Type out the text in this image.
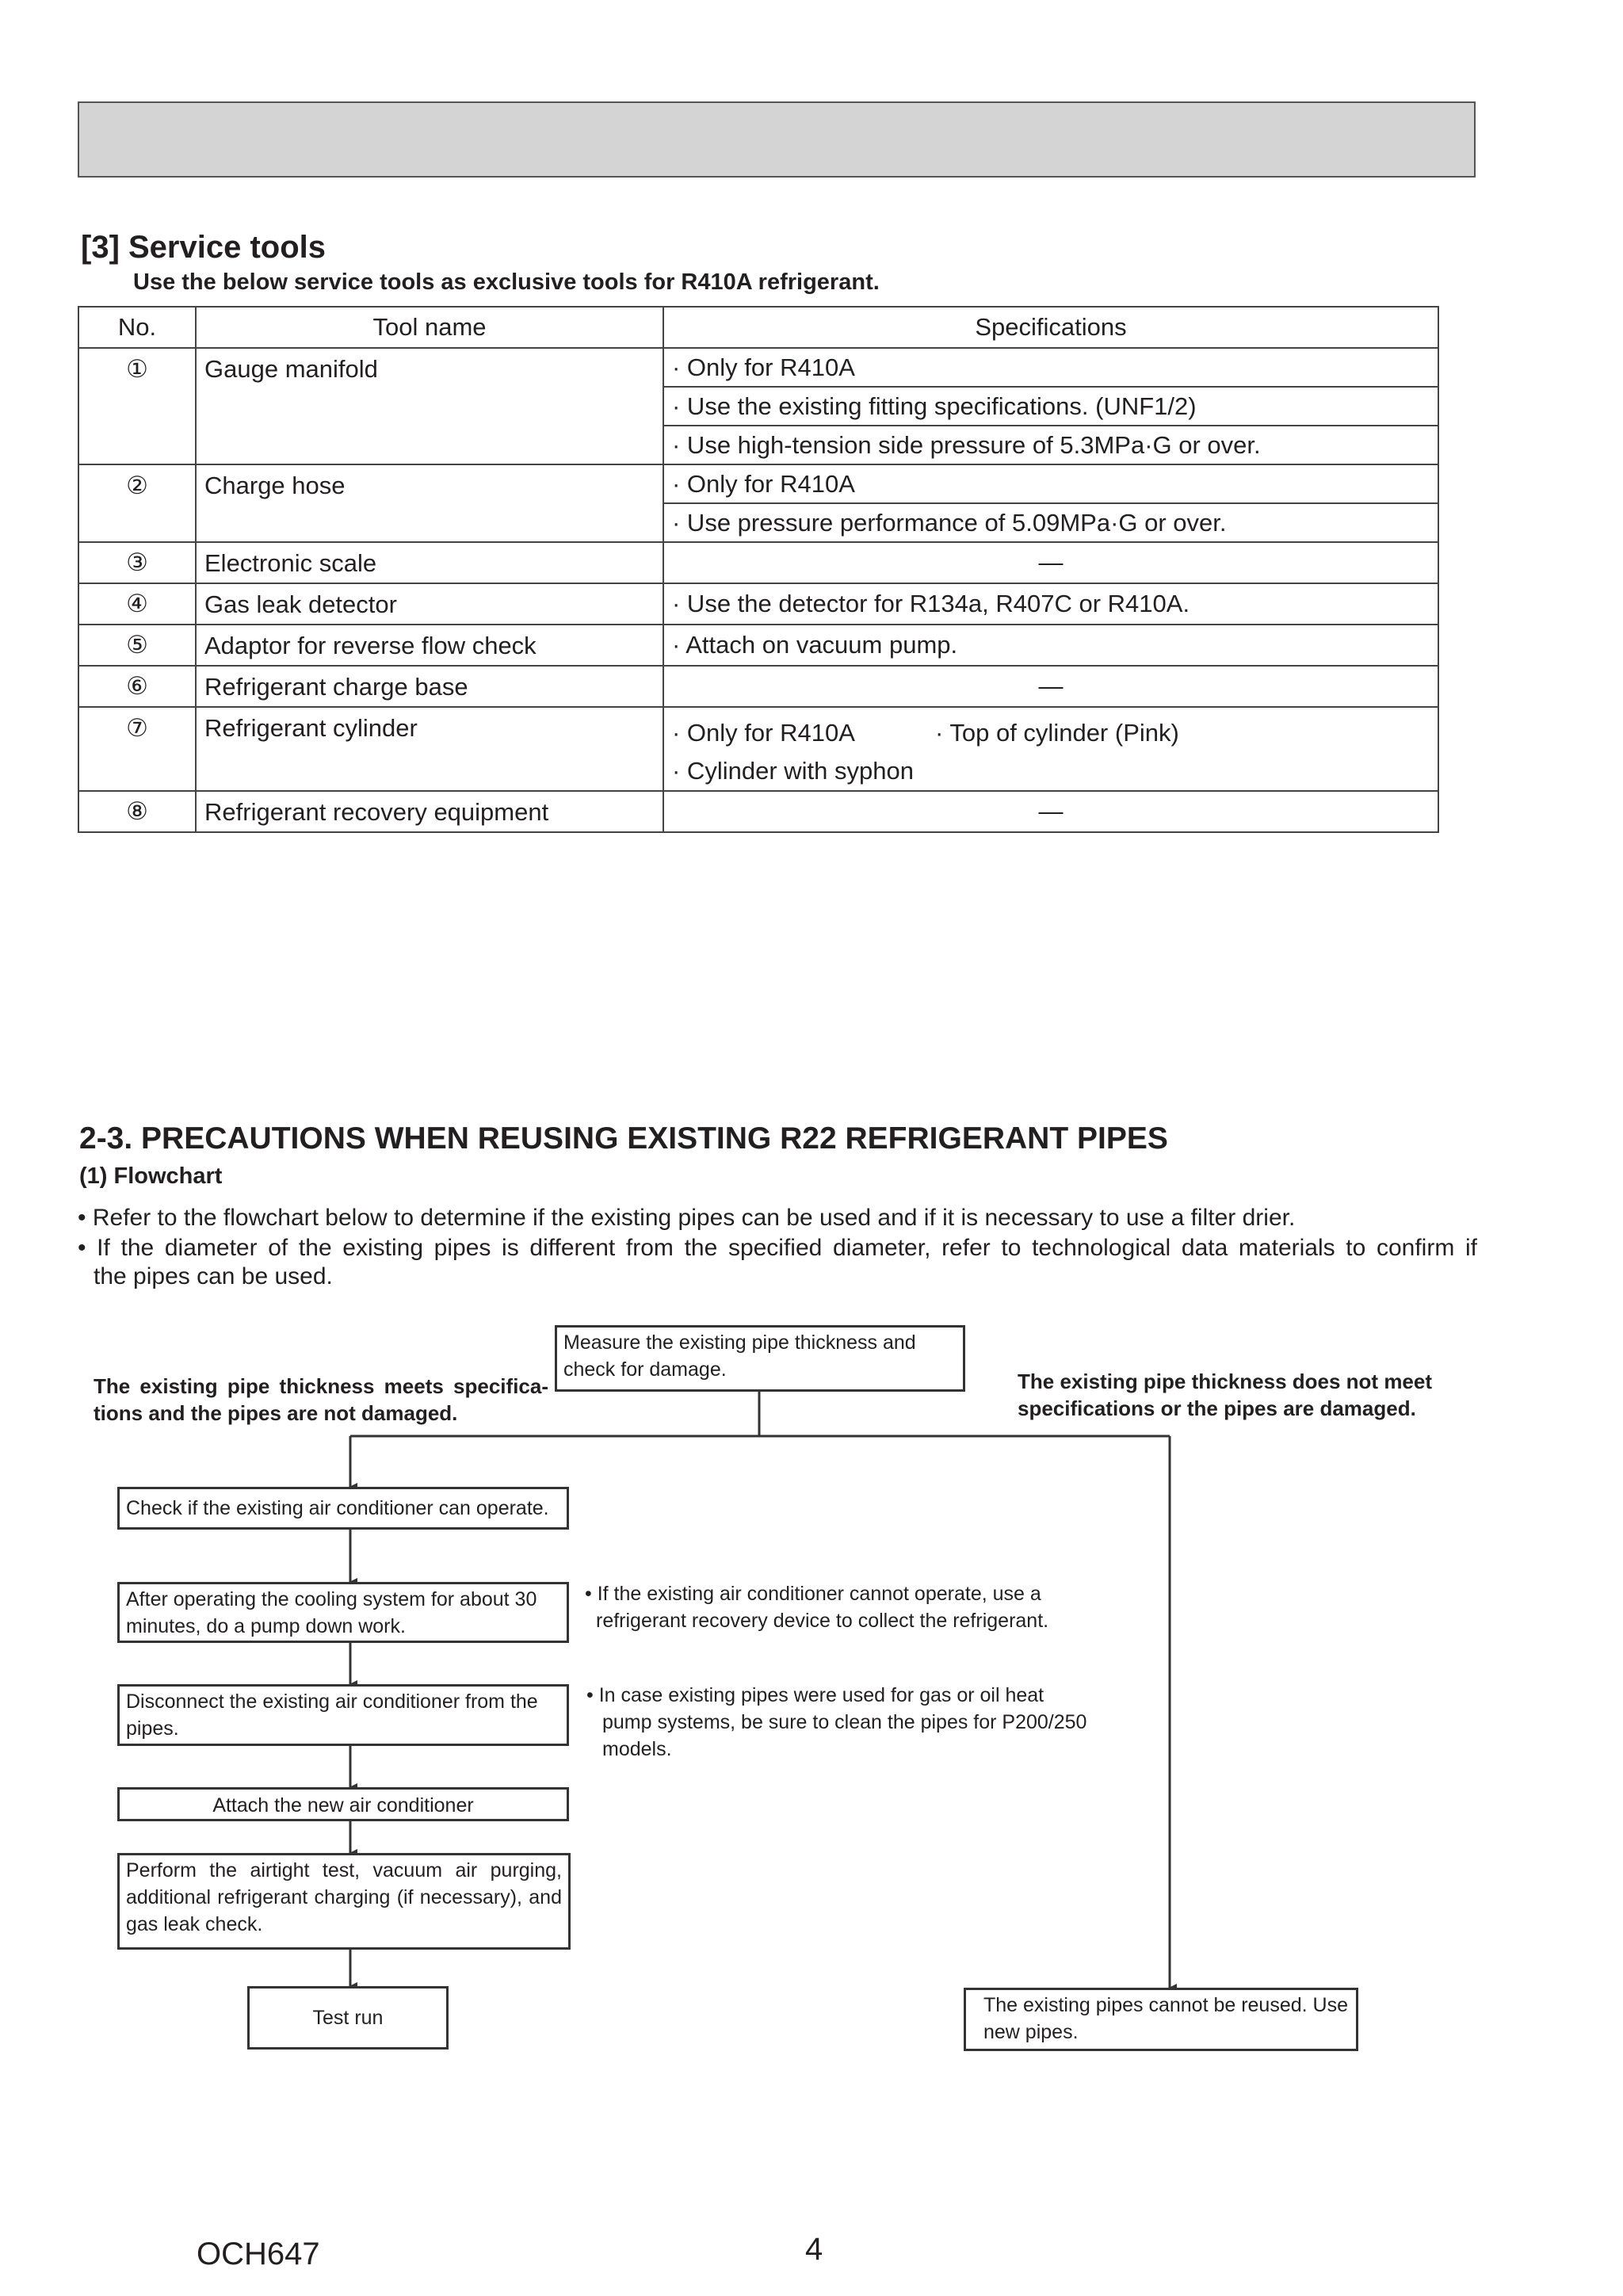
[3] Service tools
Use the below service tools as exclusive tools for R410A refrigerant.
No.	Tool name	Specifications
①	Gauge manifold	· Only for R410A
		· Use the existing fitting specifications. (UNF1/2)
		· Use high-tension side pressure of 5.3MPa·G or over.
②	Charge hose	· Only for R410A
		· Use pressure performance of 5.09MPa·G or over.
③	Electronic scale	—
④	Gas leak detector	· Use the detector for R134a, R407C or R410A.
⑤	Adaptor for reverse flow check	· Attach on vacuum pump.
⑥	Refrigerant charge base	—
⑦	Refrigerant cylinder	· Only for R410A · Top of cylinder (Pink)
· Cylinder with syphon

⑧	Refrigerant recovery equipment	—
2-3. PRECAUTIONS WHEN REUSING EXISTING R22 REFRIGERANT PIPES
(1) Flowchart
• Refer to the flowchart below to determine if the existing pipes can be used and if it is necessary to use a filter drier.
• If the diameter of the existing pipes is different from the specified diameter, refer to technological data materials to confirm if
the pipes can be used.
Measure the existing pipe thickness and check for damage.
The existing pipe thickness meets specifica-tions and the pipes are not damaged.
The existing pipe thickness does not meet specifications or the pipes are damaged.
Check if the existing air conditioner can operate.
After operating the cooling system for about 30 minutes, do a pump down work.
• If the existing air conditioner cannot operate, use a refrigerant recovery device to collect the refrigerant.
Disconnect the existing air conditioner from the pipes.
• In case existing pipes were used for gas or oil heat pump systems, be sure to clean the pipes for P200/250 models.
Attach the new air conditioner
Perform the airtight test, vacuum air purging, additional refrigerant charging (if necessary), and gas leak check.
Test run
The existing pipes cannot be reused. Use new pipes.
OCH647	4
